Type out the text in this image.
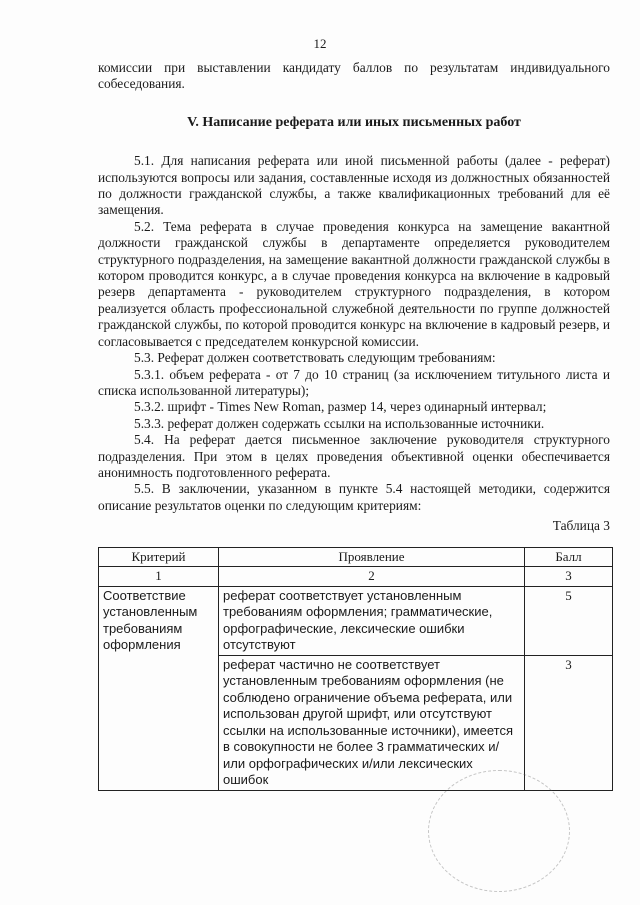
12

комиссии при выставлении кандидату баллов по результатам индивидуального собеседования.

V. Написание реферата или иных письменных работ

5.1. Для написания реферата или иной письменной работы (далее - реферат) используются вопросы или задания, составленные исходя из должностных обязанностей по должности гражданской службы, а также квалификационных требований для её замещения.

5.2. Тема реферата в случае проведения конкурса на замещение вакантной должности гражданской службы в департаменте определяется руководителем структурного подразделения, на замещение вакантной должности гражданской службы в котором проводится конкурс, а в случае проведения конкурса на включение в кадровый резерв департамента - руководителем структурного подразделения, в котором реализуется область профессиональной служебной деятельности по группе должностей гражданской службы, по которой проводится конкурс на включение в кадровый резерв, и согласовывается с председателем конкурсной комиссии.

5.3. Реферат должен соответствовать следующим требованиям:

5.3.1. объем реферата - от 7 до 10 страниц (за исключением титульного листа и списка использованной литературы);

5.3.2. шрифт - Times New Roman, размер 14, через одинарный интервал;

5.3.3. реферат должен содержать ссылки на использованные источники.

5.4. На реферат дается письменное заключение руководителя структурного подразделения. При этом в целях проведения объективной оценки обеспечивается анонимность подготовленного реферата.

5.5. В заключении, указанном в пункте 5.4 настоящей методики, содержится описание результатов оценки по следующим критериям:

Таблица 3
Критерий	Проявление	Балл
1	2	3
Соответствие установленным требованиям оформления	реферат соответствует установленным требованиям оформления; грамматические, орфографические, лексические ошибки отсутствуют	5
	реферат частично не соответствует установленным требованиям оформления (не соблюдено ограничение объема реферата, или использован другой шрифт, или отсутствуют ссылки на использованные источники), имеется в совокупности не более 3 грамматических и/или орфографических и/или лексических ошибок	3
